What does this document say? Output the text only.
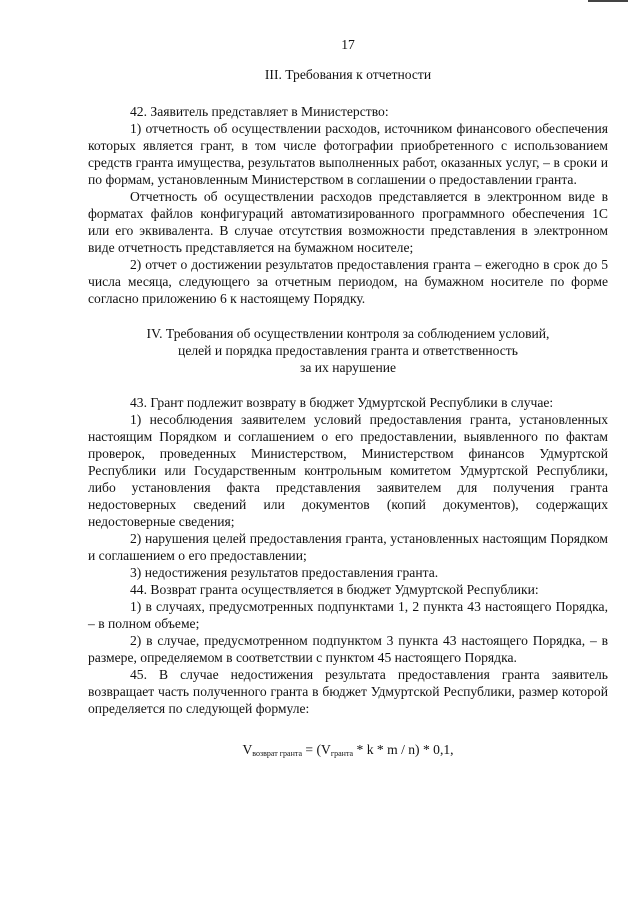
17
III. Требования к отчетности

42. Заявитель представляет в Министерство:

1) отчетность об осуществлении расходов, источником финансового обеспечения которых является грант, в том числе фотографии приобретенного с использованием средств гранта имущества, результатов выполненных работ, оказанных услуг, – в сроки и по формам, установленным Министерством в соглашении о предоставлении гранта.

Отчетность об осуществлении расходов представляется в электронном виде в форматах файлов конфигураций автоматизированного программного обеспечения 1С или его эквивалента. В случае отсутствия возможности представления в электронном виде отчетность представляется на бумажном носителе;

2) отчет о достижении результатов предоставления гранта – ежегодно в срок до 5 числа месяца, следующего за отчетным периодом, на бумажном носителе по форме согласно приложению 6 к настоящему Порядку.

IV. Требования об осуществлении контроля за соблюдением условий,
целей и порядка предоставления гранта и ответственность
за их нарушение

43. Грант подлежит возврату в бюджет Удмуртской Республики в случае:

1) несоблюдения заявителем условий предоставления гранта, установленных настоящим Порядком и соглашением о его предоставлении, выявленного по фактам проверок, проведенных Министерством, Министерством финансов Удмуртской Республики или Государственным контрольным комитетом Удмуртской Республики, либо установления факта представления заявителем для получения гранта недостоверных сведений или документов (копий документов), содержащих недостоверные сведения;

2) нарушения целей предоставления гранта, установленных настоящим Порядком и соглашением о его предоставлении;

3) недостижения результатов предоставления гранта.

44. Возврат гранта осуществляется в бюджет Удмуртской Республики:

1) в случаях, предусмотренных подпунктами 1, 2 пункта 43 настоящего Порядка, – в полном объеме;

2) в случае, предусмотренном подпунктом 3 пункта 43 настоящего Порядка, – в размере, определяемом в соответствии с пунктом 45 настоящего Порядка.

45. В случае недостижения результата предоставления гранта заявитель возвращает часть полученного гранта в бюджет Удмуртской Республики, размер которой определяется по следующей формуле:

$V_{возврат гранта} = (V_{гранта} * k * m / n) * 0,1$,
